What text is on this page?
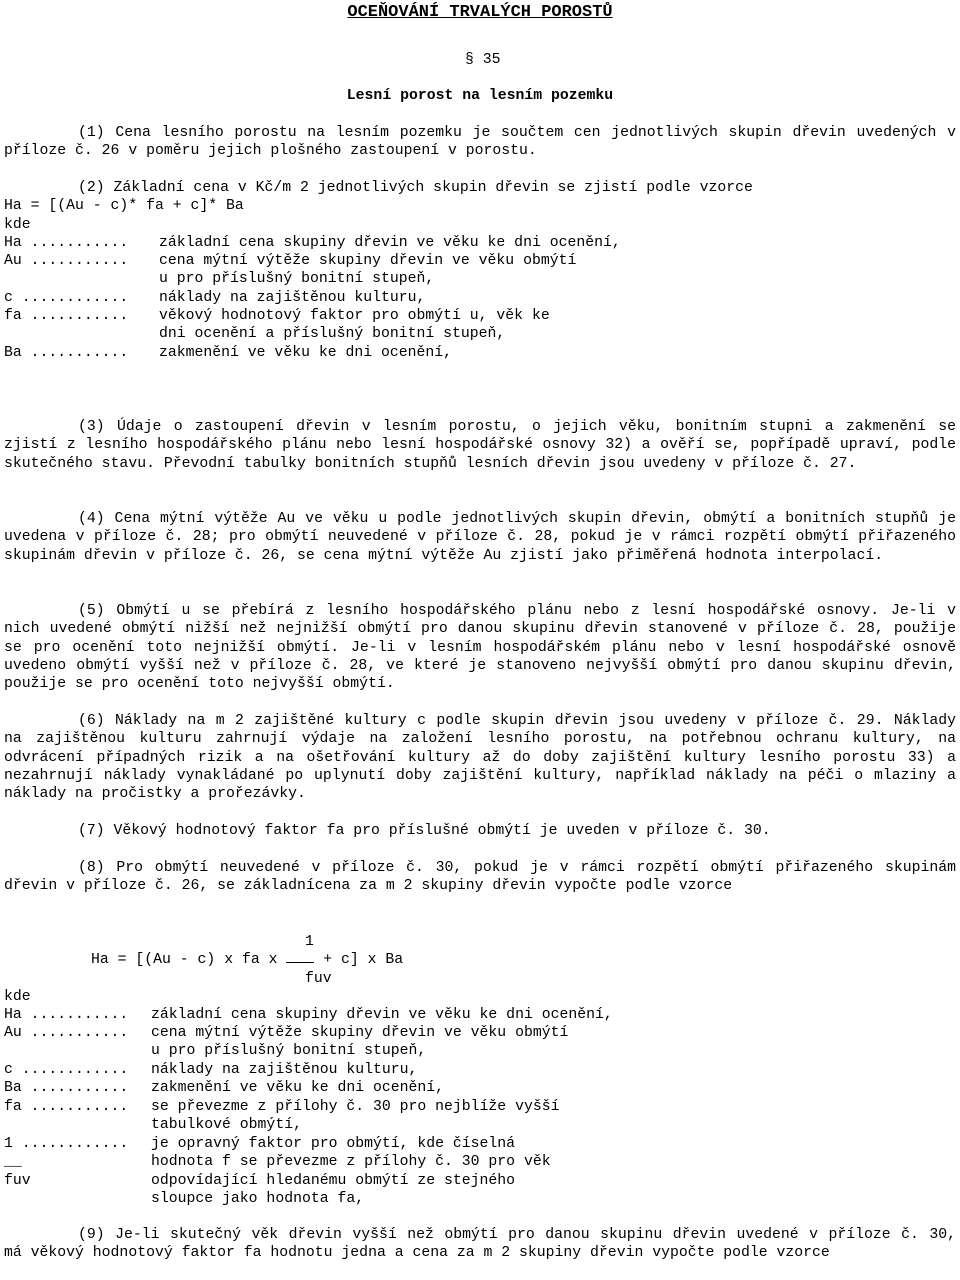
OCEŇOVÁNÍ TRVALÝCH POROSTŮ
§ 35
Lesní porost na lesním pozemku

(1) Cena lesního porostu na lesním pozemku je součtem cen jednotlivých skupin dřevin uvedených v příloze č. 26 v poměru jejich plošného zastoupení v porostu.

(2) Základní cena v Kč/m 2 jednotlivých skupin dřevin se zjistí podle vzorce

Ha = [(Au - c)* fa + c]* Ba

kde

Ha ........... základní cena skupiny dřevin ve věku ke dni ocenění,
Au ........... cena mýtní výtěže skupiny dřevin ve věku obmýtí
u pro příslušný bonitní stupeň,
c ............ náklady na zajištěnou kulturu,
fa ........... věkový hodnotový faktor pro obmýtí u, věk ke
dni ocenění a příslušný bonitní stupeň,
Ba ........... zakmenění ve věku ke dni ocenění,

(3) Údaje o zastoupení dřevin v lesním porostu, o jejich věku, bonitním stupni a zakmenění se zjistí z lesního hospodářského plánu nebo lesní hospodářské osnovy 32) a ověří se, popřípadě upraví, podle skutečného stavu. Převodní tabulky bonitních stupňů lesních dřevin jsou uvedeny v příloze č. 27.

(4) Cena mýtní výtěže Au ve věku u podle jednotlivých skupin dřevin, obmýtí a bonitních stupňů je uvedena v příloze č. 28; pro obmýtí neuvedené v příloze č. 28, pokud je v rámci rozpětí obmýtí přiřazeného skupinám dřevin v příloze č. 26, se cena mýtní výtěže Au zjistí jako přiměřená hodnota interpolací.

(5) Obmýtí u se přebírá z lesního hospodářského plánu nebo z lesní hospodářské osnovy. Je-li v nich uvedené obmýtí nižší než nejnižší obmýtí pro danou skupinu dřevin stanovené v příloze č. 28, použije se pro ocenění toto nejnižší obmýtí. Je-li v lesním hospodářském plánu nebo v lesní hospodářské osnově uvedeno obmýtí vyšší než v příloze č. 28, ve které je stanoveno nejvyšší obmýtí pro danou skupinu dřevin, použije se pro ocenění toto nejvyšší obmýtí.

(6) Náklady na m 2 zajištěné kultury c podle skupin dřevin jsou uvedeny v příloze č. 29. Náklady na zajištěnou kulturu zahrnují výdaje na založení lesního porostu, na potřebnou ochranu kultury, na odvrácení případných rizik a na ošetřování kultury až do doby zajištění kultury lesního porostu 33) a nezahrnují náklady vynakládané po uplynutí doby zajištění kultury, například náklady na péči o mlaziny a náklady na pročistky a prořezávky.

(7) Věkový hodnotový faktor fa pro příslušné obmýtí je uveden v příloze č. 30.

(8) Pro obmýtí neuvedené v příloze č. 30, pokud je v rámci rozpětí obmýtí přiřazeného skupinám dřevin v příloze č. 26, se základnícena za m 2 skupiny dřevin vypočte podle vzorce

1
Ha = [(Au - c) x fa x  + c] x Ba
fuv

kde

Ha ........... základní cena skupiny dřevin ve věku ke dni ocenění,
Au ........... cena mýtní výtěže skupiny dřevin ve věku obmýtí
u pro příslušný bonitní stupeň,
c ............ náklady na zajištěnou kulturu,
Ba ........... zakmenění ve věku ke dni ocenění,
fa ........... se převezme z přílohy č. 30 pro nejblíže vyšší
tabulkové obmýtí,
1 ............
__
fuv
je opravný faktor pro obmýtí, kde číselná
hodnota f se převezme z přílohy č. 30 pro věk
odpovídající hledanému obmýtí ze stejného
sloupce jako hodnota fa,

(9) Je-li skutečný věk dřevin vyšší než obmýtí pro danou skupinu dřevin uvedené v příloze č. 30, má věkový hodnotový faktor fa hodnotu jedna a cena za m 2 skupiny dřevin vypočte podle vzorce
